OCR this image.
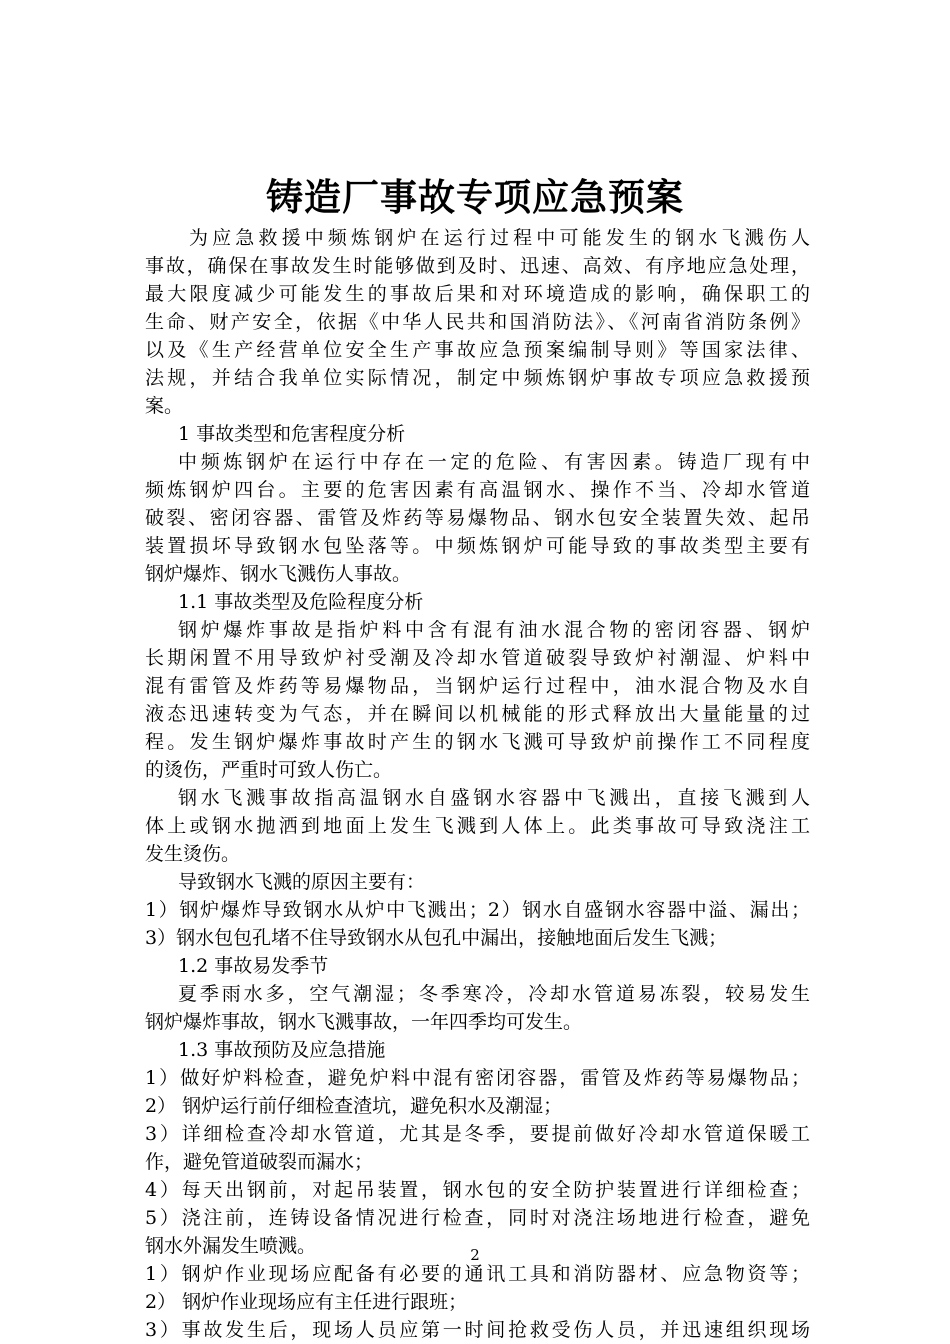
铸造厂事故专项应急预案
为应急救援中频炼钢炉在运行过程中可能发生的钢水飞溅伤人
事故，确保在事故发生时能够做到及时、迅速、高效、有序地应急处理，
最大限度减少可能发生的事故后果和对环境造成的影响，确保职工的
生命、财产安全，依据《中华人民共和国消防法》、《河南省消防条例》
以及《生产经营单位安全生产事故应急预案编制导则》等国家法律、
法规，并结合我单位实际情况，制定中频炼钢炉事故专项应急救援预
案。
1 事故类型和危害程度分析
中频炼钢炉在运行中存在一定的危险、有害因素。铸造厂现有中
频炼钢炉四台。主要的危害因素有高温钢水、操作不当、冷却水管道
破裂、密闭容器、雷管及炸药等易爆物品、钢水包安全装置失效、起吊
装置损坏导致钢水包坠落等。中频炼钢炉可能导致的事故类型主要有
钢炉爆炸、钢水飞溅伤人事故。
1.1 事故类型及危险程度分析
钢炉爆炸事故是指炉料中含有混有油水混合物的密闭容器、钢炉
长期闲置不用导致炉衬受潮及冷却水管道破裂导致炉衬潮湿、炉料中
混有雷管及炸药等易爆物品，当钢炉运行过程中，油水混合物及水自
液态迅速转变为气态，并在瞬间以机械能的形式释放出大量能量的过
程。发生钢炉爆炸事故时产生的钢水飞溅可导致炉前操作工不同程度
的烫伤，严重时可致人伤亡。
钢水飞溅事故指高温钢水自盛钢水容器中飞溅出，直接飞溅到人
体上或钢水抛洒到地面上发生飞溅到人体上。此类事故可导致浇注工
发生烫伤。
导致钢水飞溅的原因主要有：
1）钢炉爆炸导致钢水从炉中飞溅出；2）钢水自盛钢水容器中溢、漏出；
3）钢水包包孔堵不住导致钢水从包孔中漏出，接触地面后发生飞溅；
1.2 事故易发季节
夏季雨水多，空气潮湿；冬季寒冷，冷却水管道易冻裂，较易发生
钢炉爆炸事故，钢水飞溅事故，一年四季均可发生。
1.3 事故预防及应急措施
1）做好炉料检查，避免炉料中混有密闭容器，雷管及炸药等易爆物品；
2） 钢炉运行前仔细检查渣坑，避免积水及潮湿；
3）详细检查冷却水管道，尤其是冬季，要提前做好冷却水管道保暖工
作，避免管道破裂而漏水；
4）每天出钢前，对起吊装置，钢水包的安全防护装置进行详细检查；
5）浇注前，连铸设备情况进行检查，同时对浇注场地进行检查，避免
钢水外漏发生喷溅。
1）钢炉作业现场应配备有必要的通讯工具和消防器材、应急物资等；
2） 钢炉作业现场应有主任进行跟班；
3）事故发生后，现场人员应第一时间抢救受伤人员，并迅速组织现场
2
